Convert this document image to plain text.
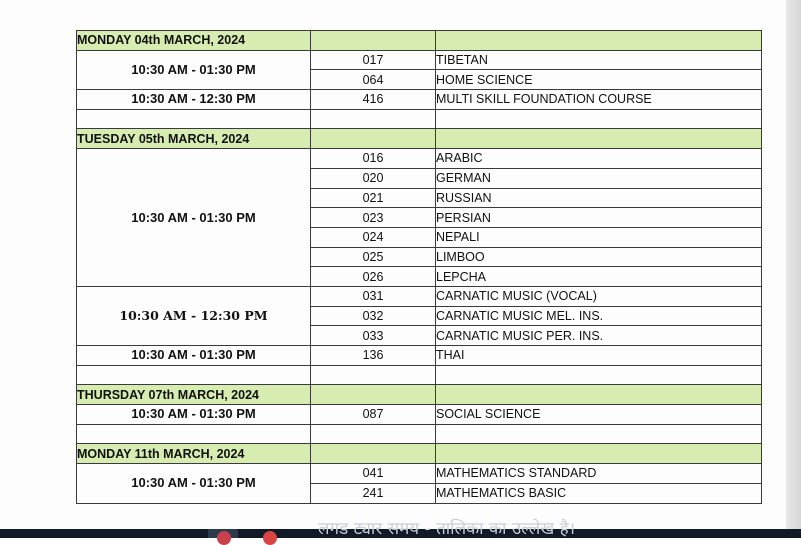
MONDAY 04th MARCH, 2024		
10:30 AM - 01:30 PM	017	TIBETAN
	064	HOME SCIENCE
10:30 AM - 12:30 PM	416	MULTI SKILL FOUNDATION COURSE

TUESDAY 05th MARCH, 2024		
10:30 AM - 01:30 PM	016	ARABIC
	020	GERMAN
	021	RUSSIAN
	023	PERSIAN
	024	NEPALI
	025	LIMBOO
	026	LEPCHA
10:30 AM - 12:30 PM	031	CARNATIC MUSIC (VOCAL)
	032	CARNATIC MUSIC MEL. INS.
	033	CARNATIC MUSIC PER. INS.
10:30 AM - 01:30 PM	136	THAI

THURSDAY 07th MARCH, 2024		
10:30 AM - 01:30 PM	087	SOCIAL SCIENCE

MONDAY 11th MARCH, 2024		
10:30 AM - 01:30 PM	041	MATHEMATICS STANDARD
	241	MATHEMATICS BASIC
लगड ट्यार समय - तालिका का उल्लेख है।
